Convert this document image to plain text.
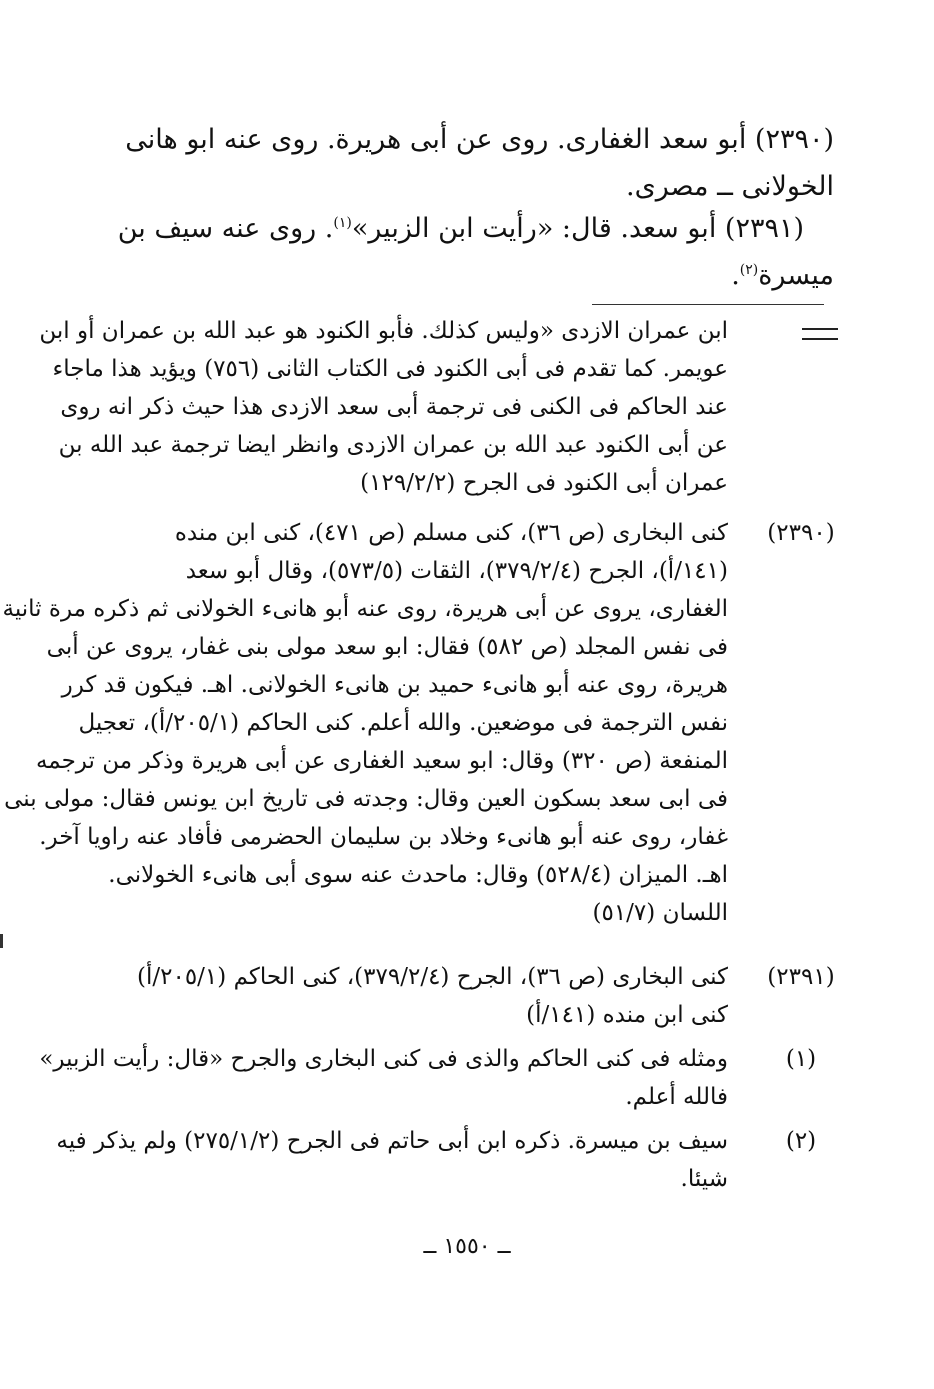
(٢٣٩٠) أبو سعد الغفارى. روى عن أبى هريرة. روى عنه ابو هانى
الخولانى ــ مصرى.
(٢٣٩١) أبو سعد. قال: «رأيت ابن الزبير»$^{(١)}$. روى عنه سيف بن
ميسرة$^{(٢)}$.
ابن عمران الازدى «وليس كذلك. فأبو الكنود هو عبد الله بن عمران أو ابن
عويمر. كما تقدم فى أبى الكنود فى الكتاب الثانى (٧٥٦) ويؤيد هذا ماجاء
عند الحاكم فى الكنى فى ترجمة أبى سعد الازدى هذا حيث ذكر انه روى
عن أبى الكنود عبد الله بن عمران الازدى وانظر ايضا ترجمة عبد الله بن
عمران أبى الكنود فى الجرح (١٢٩/٢/٢)
(٢٣٩٠)
كنى البخارى (ص ٣٦)، كنى مسلم (ص ٤٧١)، كنى ابن منده
(١٤١/أ)، الجرح (٣٧٩/٢/٤)، الثقات (٥٧٣/٥)، وقال أبو سعد
الغفارى، يروى عن أبى هريرة، روى عنه أبو هانىء الخولانى ثم ذكره مرة ثانية
فى نفس المجلد (ص ٥٨٢) فقال: ابو سعد مولى بنى غفار، يروى عن أبى
هريرة، روى عنه أبو هانىء حميد بن هانىء الخولانى. اهـ. فيكون قد كرر
نفس الترجمة فى موضعين. والله أعلم. كنى الحاكم (٢٠٥/١/أ)، تعجيل
المنفعة (ص ٣٢٠) وقال: ابو سعيد الغفارى عن أبى هريرة وذكر من ترجمه
فى ابى سعد بسكون العين وقال: وجدته فى تاريخ ابن يونس فقال: مولى بنى
غفار، روى عنه أبو هانىء وخلاد بن سليمان الحضرمى فأفاد عنه راويا آخر.
اهـ. الميزان (٥٢٨/٤) وقال: ماحدث عنه سوى أبى هانىء الخولانى.
اللسان (٥١/٧)
(٢٣٩١)
كنى البخارى (ص ٣٦)، الجرح (٣٧٩/٢/٤)، كنى الحاكم (٢٠٥/١/أ)
كنى ابن منده (١٤١/أ)
(١)
ومثله فى كنى الحاكم والذى فى كنى البخارى والجرح «قال: رأيت الزبير»
فالله أعلم.
(٢)
سيف بن ميسرة. ذكره ابن أبى حاتم فى الجرح (٢٧٥/١/٢) ولم يذكر فيه
شيئا.
ــ ١٥٥٠ ــ
